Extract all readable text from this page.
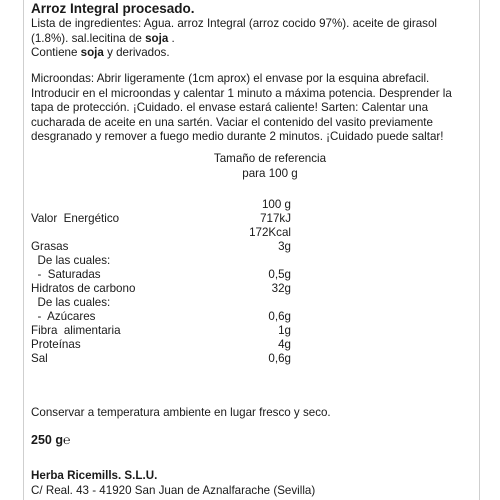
Arroz Integral procesado.
Lista de ingredientes: Agua. arroz Integral (arroz cocido 97%). aceite de girasol
(1.8%). sal.lecitina de soja .
Contiene soja y derivados.
Microondas: Abrir ligeramente (1cm aprox) el envase por la esquina abrefacil.
Introducir en el microondas y calentar 1 minuto a máxima potencia. Desprender la
tapa de protección. ¡Cuidado. el envase estará caliente! Sarten: Calentar una
cucharada de aceite en una sartén. Vaciar el contenido del vasito previamente
desgranado y remover a fuego medio durante 2 minutos. ¡Cuidado puede saltar!
Tamaño de referencia
para 100 g
100 g
Valor  Energético	717kJ
172Kcal
Grasas	3g
De las cuales:
-  Saturadas	0,5g
Hidratos de carbono	32g
De las cuales:
-  Azúcares	0,6g
Fibra  alimentaria	1g
Proteínas	4g
Sal	0,6g
Conservar a temperatura ambiente en lugar fresco y seco.
250 g℮
Herba Ricemills. S.L.U.
C/ Real. 43 - 41920 San Juan de Aznalfarache (Sevilla)
